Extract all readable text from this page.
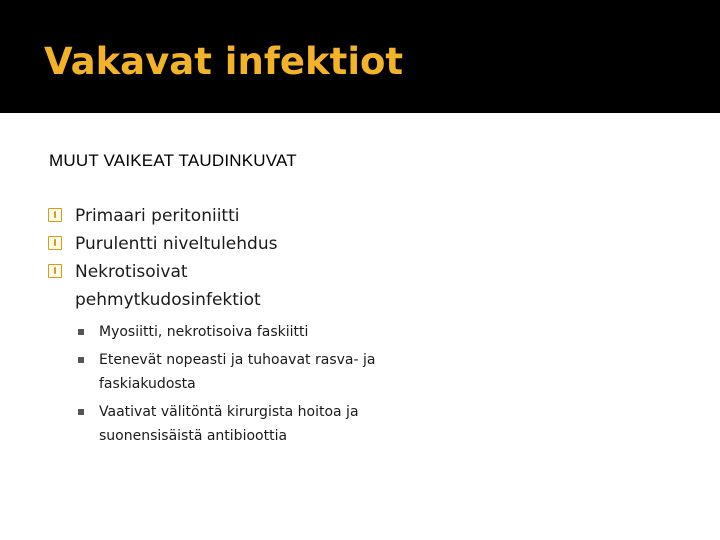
Vakavat infektiot

MUUT VAIKEAT TAUDINKUVAT

Primaari peritoniitti
Purulentti niveltulehdus
Nekrotisoivat pehmytkudosinfektiot
Myosiitti, nekrotisoiva faskiitti
Etenevät nopeasti ja tuhoavat rasva- ja faskiakudosta
Vaativat välitöntä kirurgista hoitoa ja suonensisäistä antibioottia
